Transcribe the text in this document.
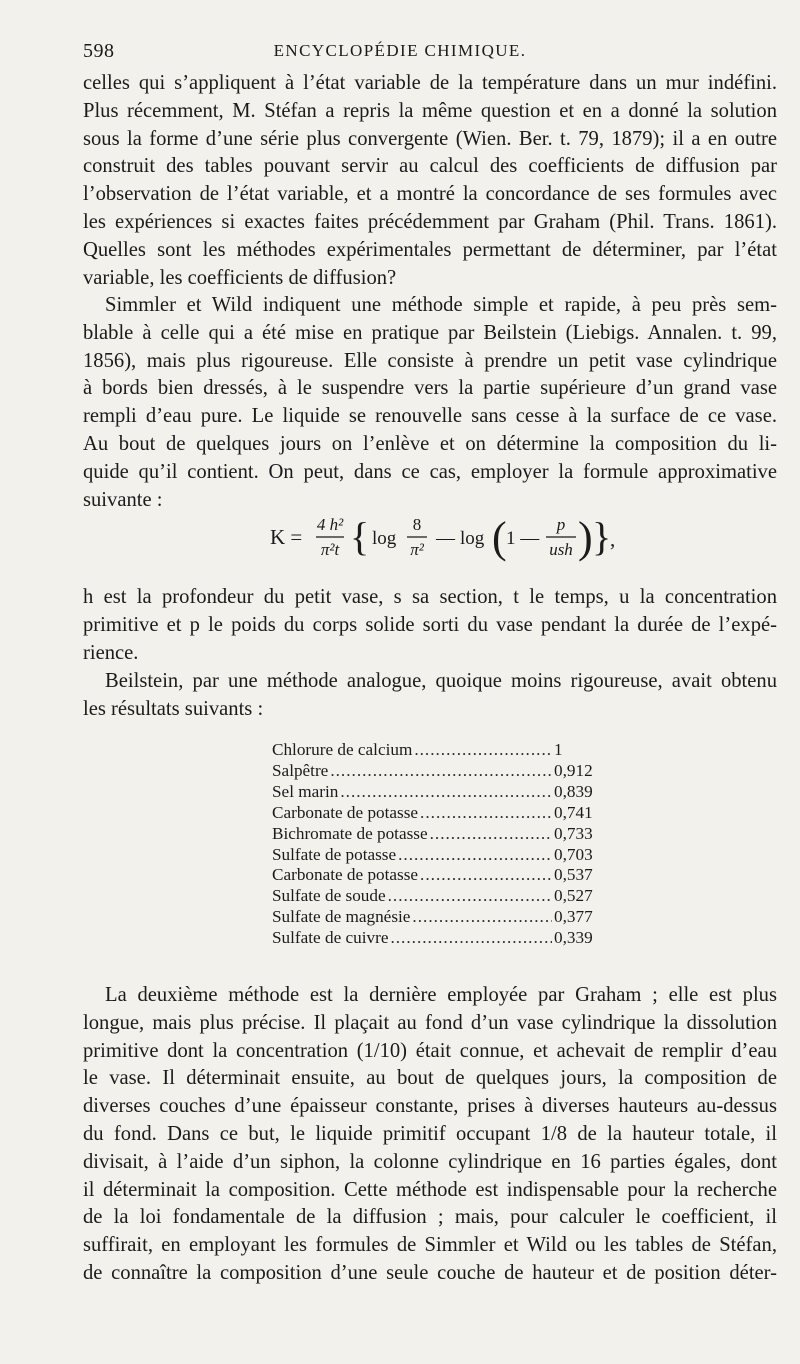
598	ENCYCLOPÉDIE CHIMIQUE.

celles qui s’appliquent à l’état variable de la température dans un mur indéfini.

Plus récemment, M. Stéfan a repris la même question et en a donné la solution

sous la forme d’une série plus convergente (Wien. Ber. t. 79, 1879); il a en outre

construit des tables pouvant servir au calcul des coefficients de diffusion par

l’observation de l’état variable, et a montré la concordance de ses formules avec

les expériences si exactes faites précédemment par Graham (Phil. Trans. 1861).

Quelles sont les méthodes expérimentales permettant de déterminer, par l’état

variable, les coefficients de diffusion?

Simmler et Wild indiquent une méthode simple et rapide, à peu près sem-

blable à celle qui a été mise en pratique par Beilstein (Liebigs. Annalen. t. 99,

1856), mais plus rigoureuse. Elle consiste à prendre un petit vase cylindrique

à bords bien dressés, à le suspendre vers la partie supérieure d’un grand vase

rempli d’eau pure. Le liquide se renouvelle sans cesse à la surface de ce vase.

Au bout de quelques jours on l’enlève et on détermine la composition du li-

quide qu’il contient. On peut, dans ce cas, employer la formule approximative

suivante :

K =
4 h²
π²t { log
8
π²
— log ( 1 —
p
ush ) }
,

h est la profondeur du petit vase, s sa section, t le temps, u la concentration

primitive et p le poids du corps solide sorti du vase pendant la durée de l’expé-

rience.

Beilstein, par une méthode analogue, quoique moins rigoureuse, avait obtenu

les résultats suivants :

Chlorure de calcium .....	1
Salpêtre .....	0,912
Sel marin .....	0,839
Carbonate de potasse .....	0,741
Bichromate de potasse .....	0,733
Sulfate de potasse .....	0,703
Carbonate de potasse .....	0,537
Sulfate de soude .....	0,527
Sulfate de magnésie .....	0,377
Sulfate de cuivre .....	0,339

La deuxième méthode est la dernière employée par Graham ; elle est plus

longue, mais plus précise. Il plaçait au fond d’un vase cylindrique la dissolution

primitive dont la concentration (1/10) était connue, et achevait de remplir d’eau

le vase. Il déterminait ensuite, au bout de quelques jours, la composition de

diverses couches d’une épaisseur constante, prises à diverses hauteurs au-dessus

du fond. Dans ce but, le liquide primitif occupant 1/8 de la hauteur totale, il

divisait, à l’aide d’un siphon, la colonne cylindrique en 16 parties égales, dont

il déterminait la composition. Cette méthode est indispensable pour la recherche

de la loi fondamentale de la diffusion ; mais, pour calculer le coefficient, il

suffirait, en employant les formules de Simmler et Wild ou les tables de Stéfan,

de connaître la composition d’une seule couche de hauteur et de position déter-
